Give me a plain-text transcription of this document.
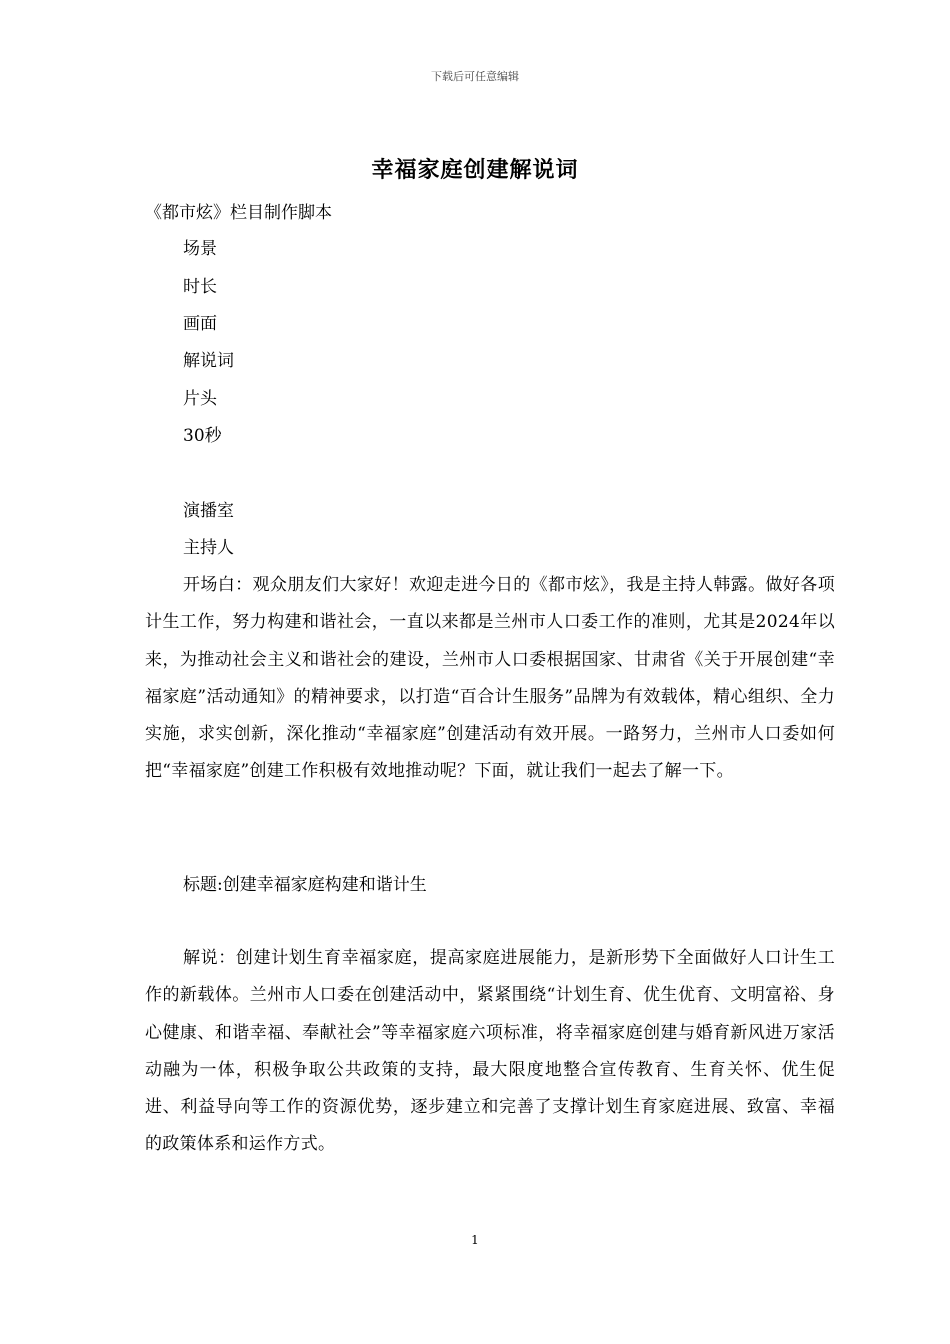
下载后可任意编辑
幸福家庭创建解说词
《都市炫》栏目制作脚本
场景
时长
画面
解说词
片头
30秒
演播室
主持人
开场白：观众朋友们大家好！欢迎走进今日的《都市炫》，我是主持人韩露。做好各项计生工作，努力构建和谐社会，一直以来都是兰州市人口委工作的准则，尤其是2024年以来，为推动社会主义和谐社会的建设，兰州市人口委根据国家、甘肃省《关于开展创建“幸福家庭”活动通知》的精神要求，以打造“百合计生服务”品牌为有效载体，精心组织、全力实施，求实创新，深化推动“幸福家庭”创建活动有效开展。一路努力，兰州市人口委如何把“幸福家庭”创建工作积极有效地推动呢？下面，就让我们一起去了解一下。
标题:创建幸福家庭构建和谐计生
解说：创建计划生育幸福家庭，提高家庭进展能力，是新形势下全面做好人口计生工作的新载体。兰州市人口委在创建活动中，紧紧围绕“计划生育、优生优育、文明富裕、身心健康、和谐幸福、奉献社会”等幸福家庭六项标准，将幸福家庭创建与婚育新风进万家活动融为一体，积极争取公共政策的支持，最大限度地整合宣传教育、生育关怀、优生促进、利益导向等工作的资源优势，逐步建立和完善了支撑计划生育家庭进展、致富、幸福的政策体系和运作方式。
1
